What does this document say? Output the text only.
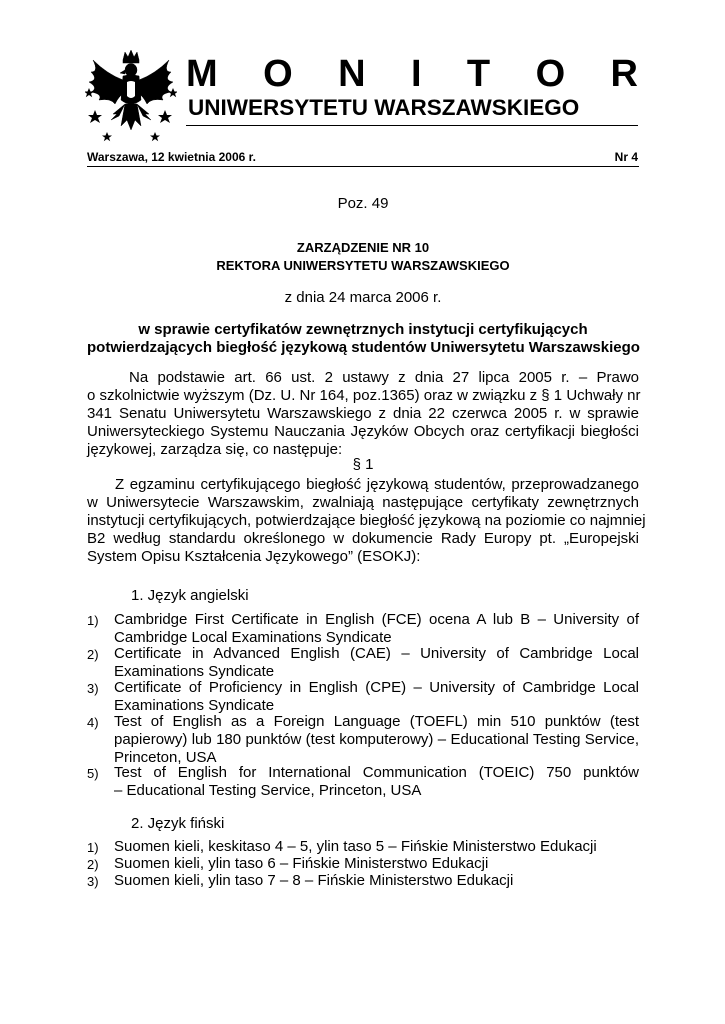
M O N I T O R
UNIWERSYTETU WARSZAWSKIEGO
Warszawa, 12 kwietnia 2006 r.	Nr 4
Poz. 49
ZARZĄDZENIE NR 10
REKTORA UNIWERSYTETU WARSZAWSKIEGO
z dnia 24 marca 2006 r.
w sprawie certyfikatów zewnętrznych instytucji certyfikujących
potwierdzających biegłość językową studentów Uniwersytetu Warszawskiego
Na podstawie art. 66 ust. 2 ustawy z dnia 27 lipca 2005 r. – Prawo
o szkolnictwie wyższym (Dz. U. Nr 164, poz.1365) oraz w związku z § 1 Uchwały nr
341 Senatu Uniwersytetu Warszawskiego z dnia 22 czerwca 2005 r. w sprawie
Uniwersyteckiego Systemu Nauczania Języków Obcych oraz certyfikacji biegłości
językowej, zarządza się, co następuje:
§ 1
Z egzaminu certyfikującego biegłość językową studentów, przeprowadzanego
w Uniwersytecie Warszawskim, zwalniają następujące certyfikaty zewnętrznych
instytucji certyfikujących, potwierdzające biegłość językową na poziomie co najmniej
B2 według standardu określonego w dokumencie Rady Europy pt. „Europejski
System Opisu Kształcenia Językowego” (ESOKJ):
1. Język angielski
1) Cambridge First Certificate in English (FCE) ocena A lub B – University of
Cambridge Local Examinations Syndicate
2) Certificate in Advanced English (CAE) – University of Cambridge Local
Examinations Syndicate
3) Certificate of Proficiency in English (CPE) – University of Cambridge Local
Examinations Syndicate
4) Test of English as a Foreign Language (TOEFL) min 510 punktów (test
papierowy) lub 180 punktów (test komputerowy) – Educational Testing Service,
Princeton, USA
5) Test of English for International Communication (TOEIC) 750 punktów
– Educational Testing Service, Princeton, USA
2. Język fiński
1) Suomen kieli, keskitaso 4 – 5, ylin taso 5 – Fińskie Ministerstwo Edukacji
2) Suomen kieli, ylin taso 6 – Fińskie Ministerstwo Edukacji
3) Suomen kieli, ylin taso 7 – 8 – Fińskie Ministerstwo Edukacji
